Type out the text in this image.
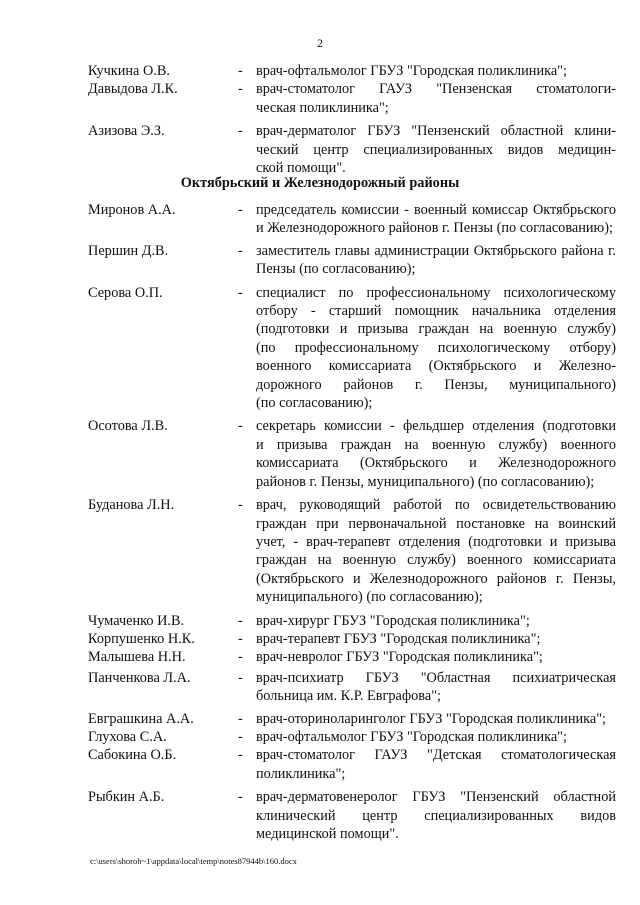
2
Кучкина О.В.	- врач-офтальмолог ГБУЗ "Городская поликлиника";
Давыдова Л.К.	- врач-стоматолог ГАУЗ "Пензенская стоматологи-
ческая поликлиника";
Азизова Э.З.	- врач-дерматолог ГБУЗ "Пензенский областной клини-
ческий центр специализированных видов медицин-
ской помощи".
Октябрьский и Железнодорожный районы
Миронов А.А.	- председатель комиссии - военный комиссар Октябрьского
и Железнодорожного районов г. Пензы (по согласованию);
Першин Д.В.	- заместитель главы администрации Октябрьского района г.
Пензы (по согласованию);
Серова О.П.	- специалист по профессиональному психологическому
отбору - старший помощник начальника отделения
(подготовки и призыва граждан на военную службу)
(по профессиональному психологическому отбору)
военного комиссариата (Октябрьского и Железно-
дорожного районов г. Пензы, муниципального)
(по согласованию);
Осотова Л.В.	- секретарь комиссии - фельдшер отделения (подготовки
и призыва граждан на военную службу) военного
комиссариата (Октябрьского и Железнодорожного
районов г. Пензы, муниципального) (по согласованию);
Буданова Л.Н.	- врач, руководящий работой по освидетельствованию
граждан при первоначальной постановке на воинский
учет, - врач-терапевт отделения (подготовки и призыва
граждан на военную службу) военного комиссариата
(Октябрьского и Железнодорожного районов г. Пензы,
муниципального) (по согласованию);
Чумаченко И.В.	- врач-хирург ГБУЗ "Городская поликлиника";
Корпушенко Н.К.	- врач-терапевт ГБУЗ "Городская поликлиника";
Малышева Н.Н.	- врач-невролог ГБУЗ "Городская поликлиника";
Панченкова Л.А.	- врач-психиатр ГБУЗ "Областная психиатрическая
больница им. К.Р. Евграфова";
Евграшкина А.А.	- врач-оториноларинголог ГБУЗ "Городская поликлиника";
Глухова С.А.	- врач-офтальмолог ГБУЗ "Городская поликлиника";
Сабокина О.Б.	- врач-стоматолог ГАУЗ "Детская стоматологическая
поликлиника";
Рыбкин А.Б.	- врач-дерматовенеролог ГБУЗ "Пензенский областной
клинический центр специализированных видов
медицинской помощи".
c:\users\shoroh~1\appdata\local\temp\notes87944b\160.docx
